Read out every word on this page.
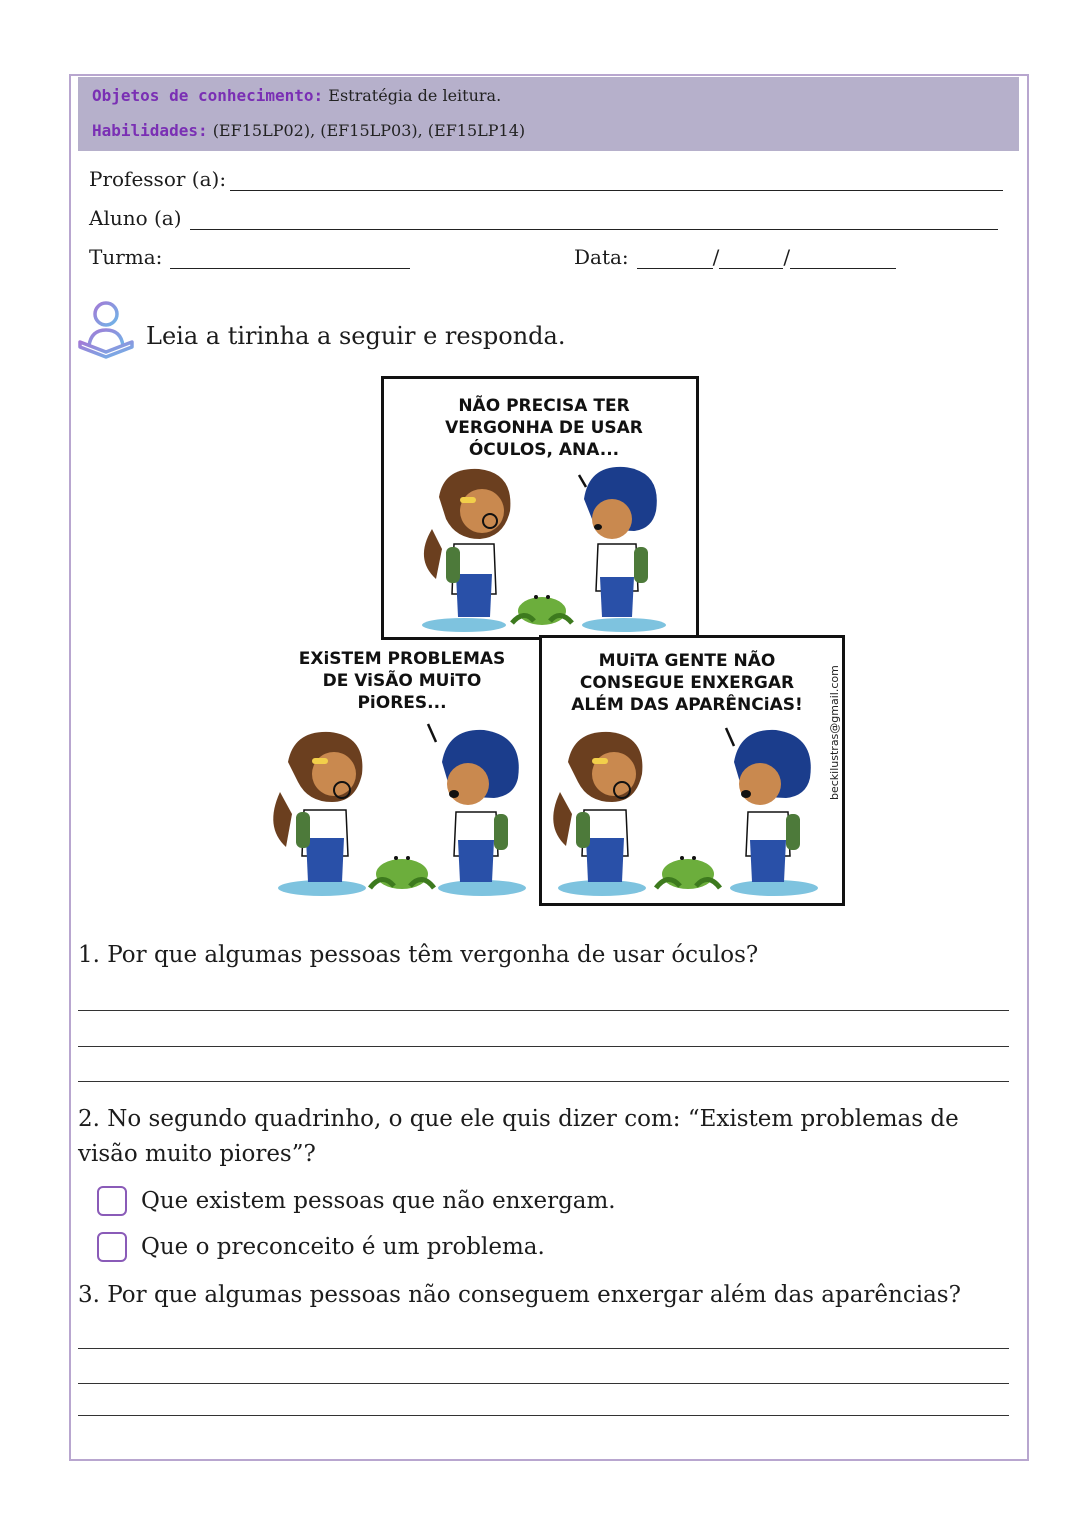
Objetos de conhecimento: Estratégia de leitura.
Habilidades: (EF15LP02), (EF15LP03), (EF15LP14)
Professor (a):
Aluno (a)
Turma:	Data:	/	/
Leia a tirinha a seguir e responda.
NÃO PRECISA TER
VERGONHA DE USAR
ÓCULOS, ANA...
EXiSTEM PROBLEMAS
DE ViSÃO MUiTO
PiORES...
MUiTA GENTE NÃO
CONSEGUE ENXERGAR
ALÉM DAS APARÊNCiAS!	beckilustras@gmail.com
1. Por que algumas pessoas têm vergonha de usar óculos?
2. No segundo quadrinho, o que ele quis dizer com: “Existem problemas de visão muito piores”?
Que existem pessoas que não enxergam.
Que o preconceito é um problema.
3. Por que algumas pessoas não conseguem enxergar além das aparências?
